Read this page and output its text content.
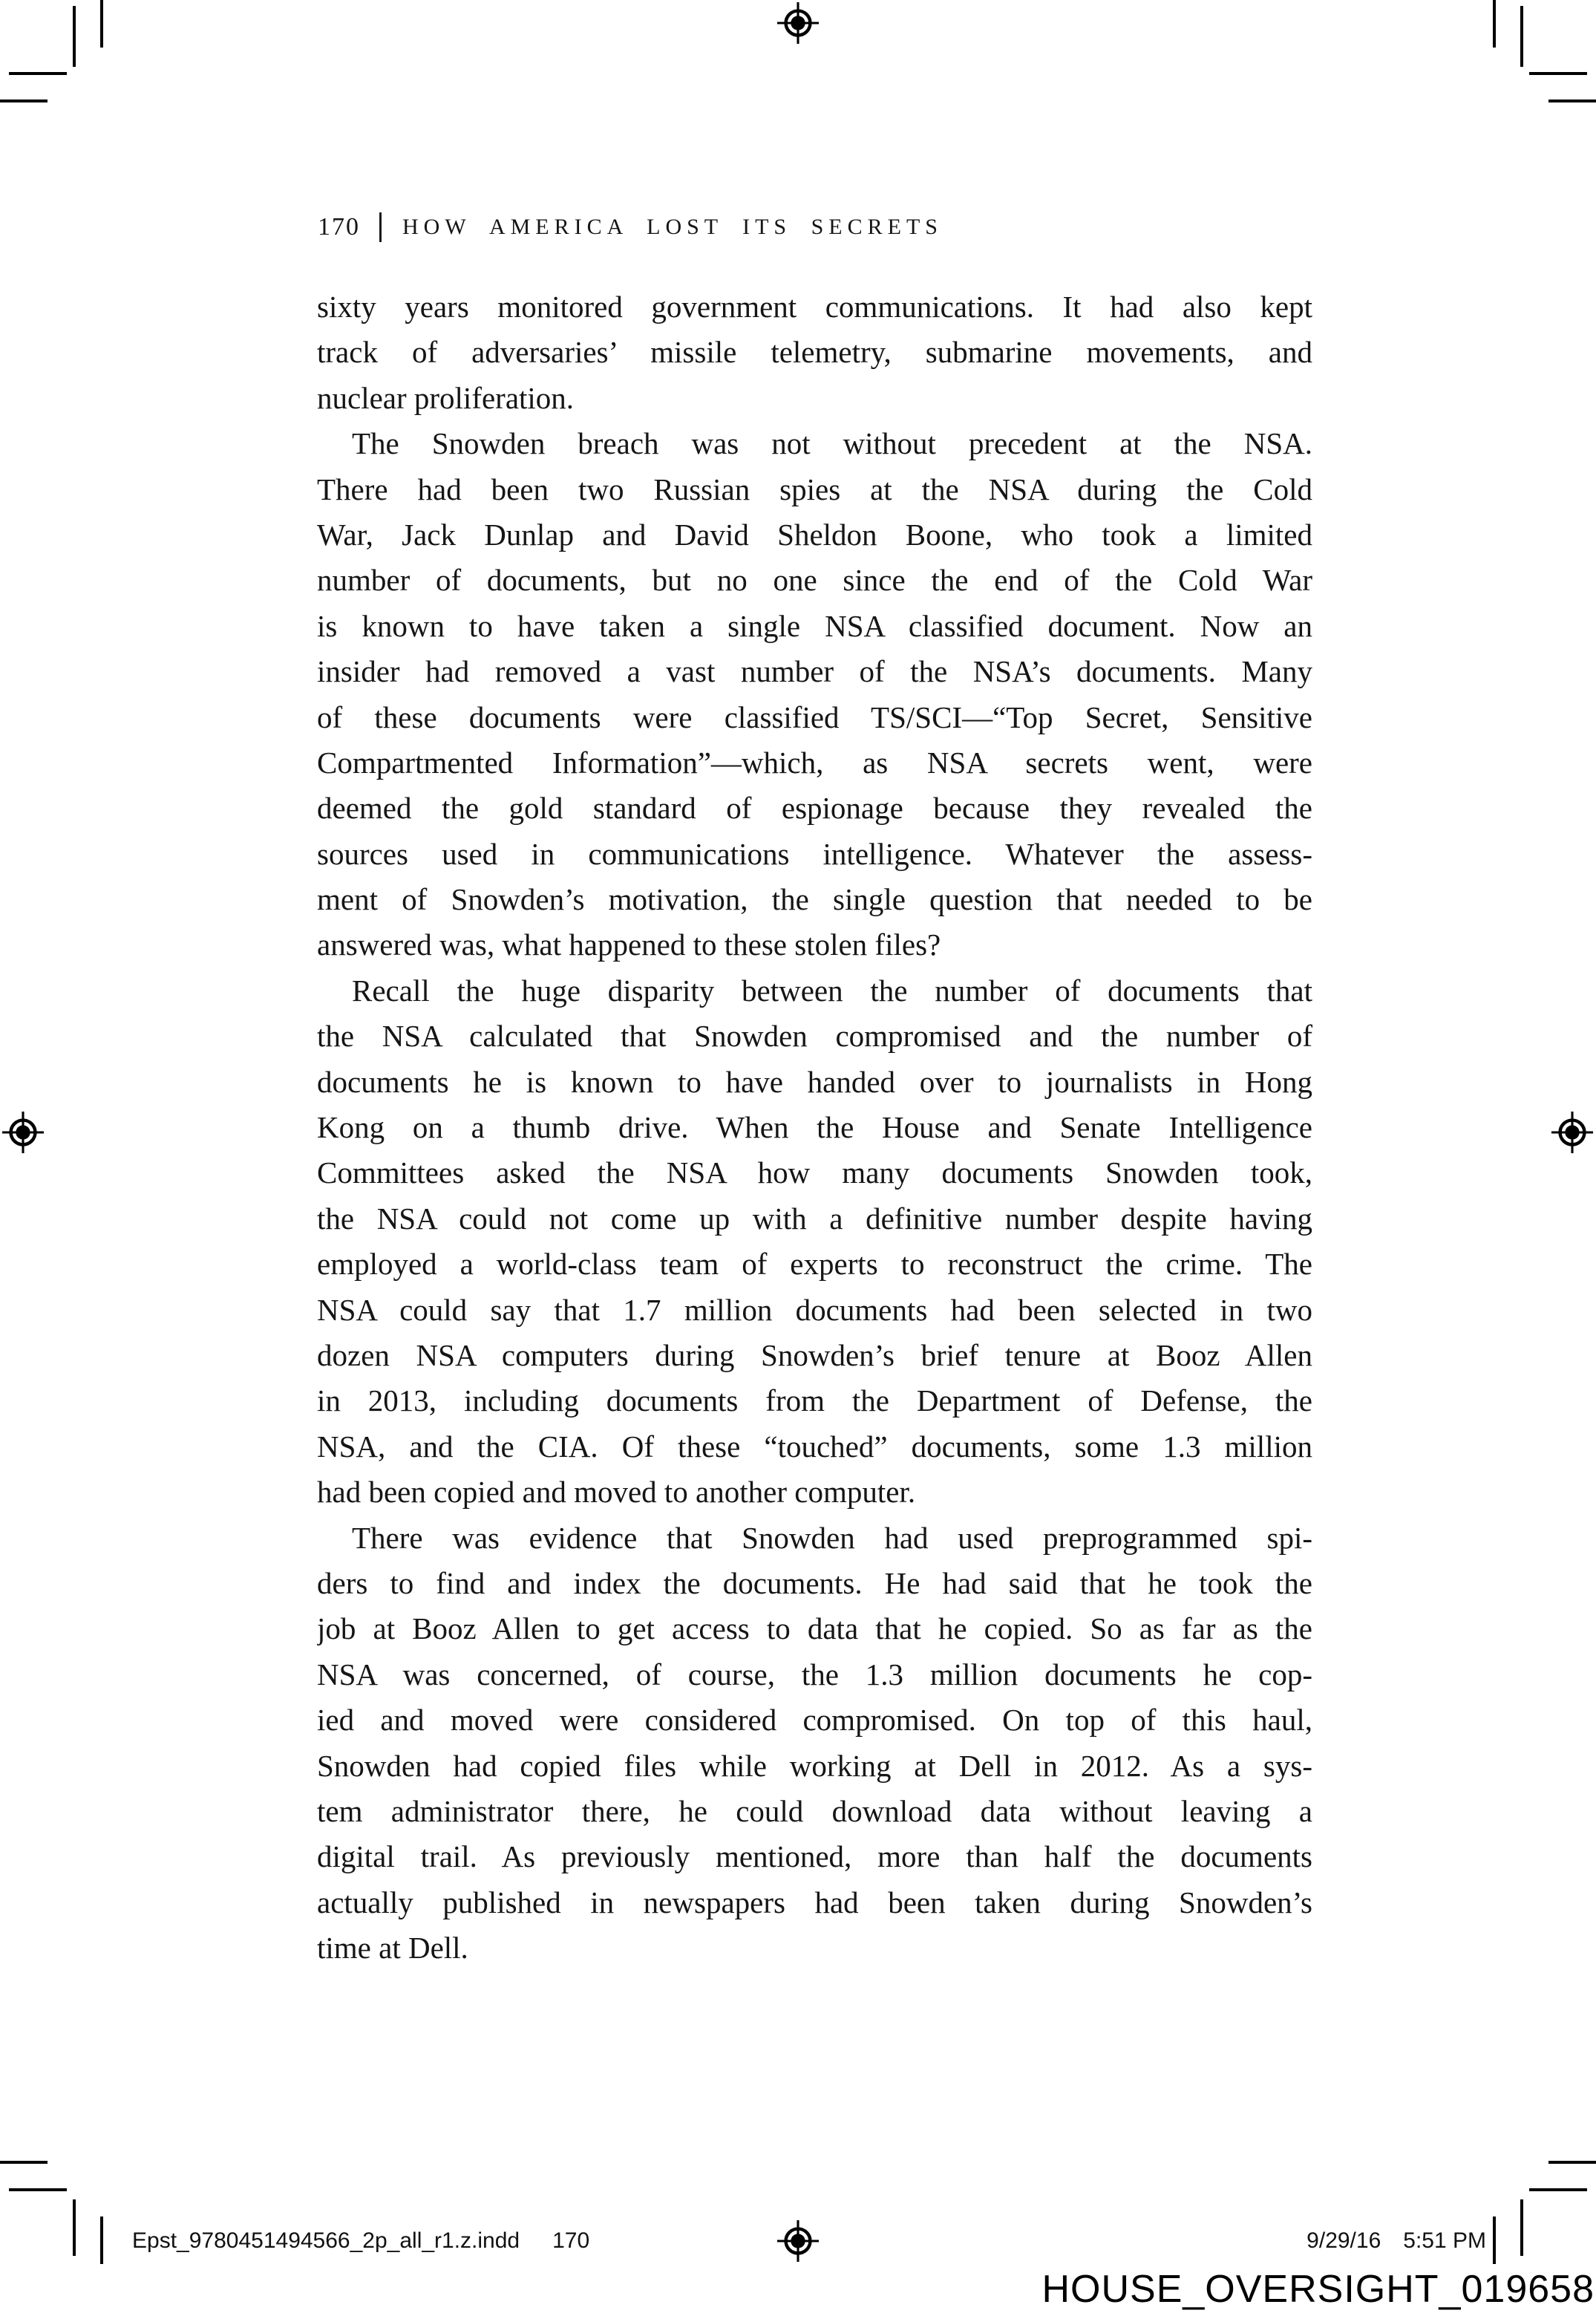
170 HOW AMERICA LOST ITS SECRETS
sixty years monitored government communications. It had also kept
track of adversaries’ missile telemetry, submarine movements, and
nuclear proliferation.
The Snowden breach was not without precedent at the NSA.
There had been two Russian spies at the NSA during the Cold
War, Jack Dunlap and David Sheldon Boone, who took a limited
number of documents, but no one since the end of the Cold War
is known to have taken a single NSA classified document. Now an
insider had removed a vast number of the NSA’s documents. Many
of these documents were classified TS/SCI—“Top Secret, Sensitive
Compartmented Information”—which, as NSA secrets went, were
deemed the gold standard of espionage because they revealed the
sources used in communications intelligence. Whatever the assess-
ment of Snowden’s motivation, the single question that needed to be
answered was, what happened to these stolen files?
Recall the huge disparity between the number of documents that
the NSA calculated that Snowden compromised and the number of
documents he is known to have handed over to journalists in Hong
Kong on a thumb drive. When the House and Senate Intelligence
Committees asked the NSA how many documents Snowden took,
the NSA could not come up with a definitive number despite having
employed a world-class team of experts to reconstruct the crime. The
NSA could say that 1.7 million documents had been selected in two
dozen NSA computers during Snowden’s brief tenure at Booz Allen
in 2013, including documents from the Department of Defense, the
NSA, and the CIA. Of these “touched” documents, some 1.3 million
had been copied and moved to another computer.
There was evidence that Snowden had used preprogrammed spi-
ders to find and index the documents. He had said that he took the
job at Booz Allen to get access to data that he copied. So as far as the
NSA was concerned, of course, the 1.3 million documents he cop-
ied and moved were considered compromised. On top of this haul,
Snowden had copied files while working at Dell in 2012. As a sys-
tem administrator there, he could download data without leaving a
digital trail. As previously mentioned, more than half the documents
actually published in newspapers had been taken during Snowden’s
time at Dell.
Epst_9780451494566_2p_all_r1.z.indd 170	9/29/16 5:51 PM
HOUSE_OVERSIGHT_019658
